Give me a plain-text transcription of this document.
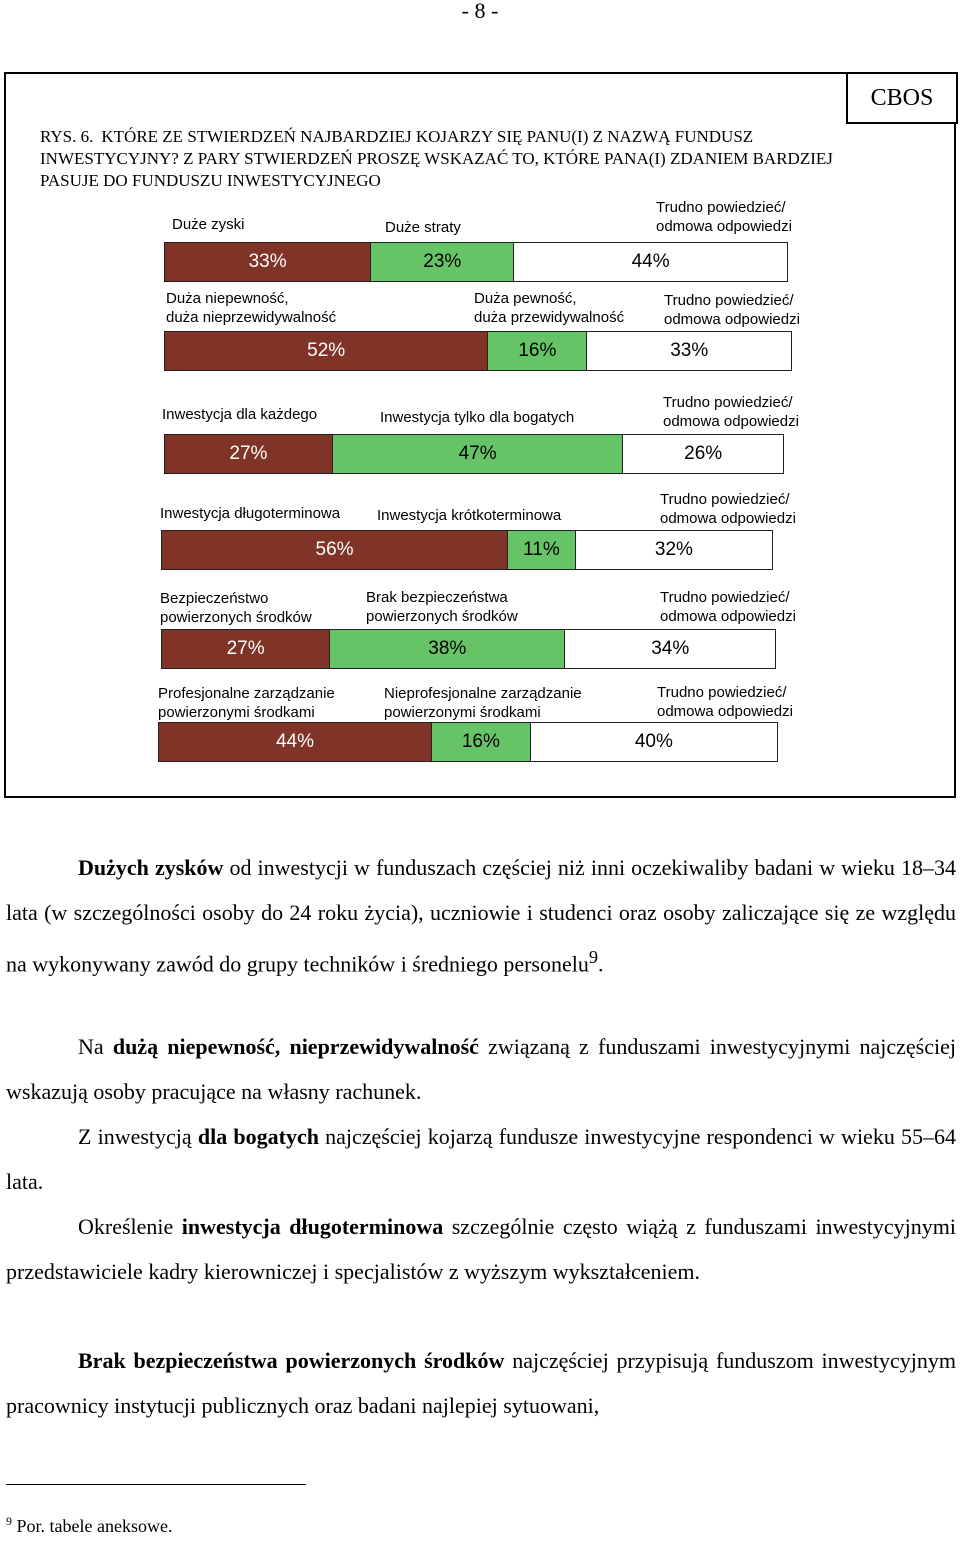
- 8 -
CBOS
RYS. 6. KTÓRE ZE STWIERDZEŃ NAJBARDZIEJ KOJARZY SIĘ PANU(I) Z NAZWĄ FUNDUSZ INWESTYCYJNY? Z PARY STWIERDZEŃ PROSZĘ WSKAZAĆ TO, KTÓRE PANA(I) ZDANIEM BARDZIEJ PASUJE DO FUNDUSZU INWESTYCYJNEGO
Duże zyski	Duże straty
Trudno powiedzieć/
odmowa odpowiedzi
33%	23%	44%
Duża niepewność,
duża nieprzewidywalność
Duża pewność,
duża przewidywalność
Trudno powiedzieć/
odmowa odpowiedzi
52%	16%	33%
Inwestycja dla każdego	Inwestycja tylko dla bogatych
Trudno powiedzieć/
odmowa odpowiedzi
27%	47%	26%
Inwestycja długoterminowa Inwestycja krótkoterminowa
Trudno powiedzieć/
odmowa odpowiedzi
56%	11%	32%
Bezpieczeństwo
powierzonych środków
Brak bezpieczeństwa
powierzonych środków
Trudno powiedzieć/
odmowa odpowiedzi
27%	38%	34%
Profesjonalne zarządzanie
powierzonymi środkami
Nieprofesjonalne zarządzanie
powierzonymi środkami
Trudno powiedzieć/
odmowa odpowiedzi
44%	16%	40%
Dużych zysków od inwestycji w funduszach częściej niż inni oczekiwaliby badani w wieku 18–34 lata (w szczególności osoby do 24 roku życia), uczniowie i studenci oraz osoby zaliczające się ze względu na wykonywany zawód do grupy techników i średniego personelu$^9$.
Na dużą niepewność, nieprzewidywalność związaną z funduszami inwestycyjnymi najczęściej wskazują osoby pracujące na własny rachunek.
Z inwestycją dla bogatych najczęściej kojarzą fundusze inwestycyjne respondenci w wieku 55–64 lata.
Określenie inwestycja długoterminowa szczególnie często wiążą z funduszami inwestycyjnymi przedstawiciele kadry kierowniczej i specjalistów z wyższym wykształceniem.
Brak bezpieczeństwa powierzonych środków najczęściej przypisują funduszom inwestycyjnym pracownicy instytucji publicznych oraz badani najlepiej sytuowani,
$^9$ Por. tabele aneksowe.
